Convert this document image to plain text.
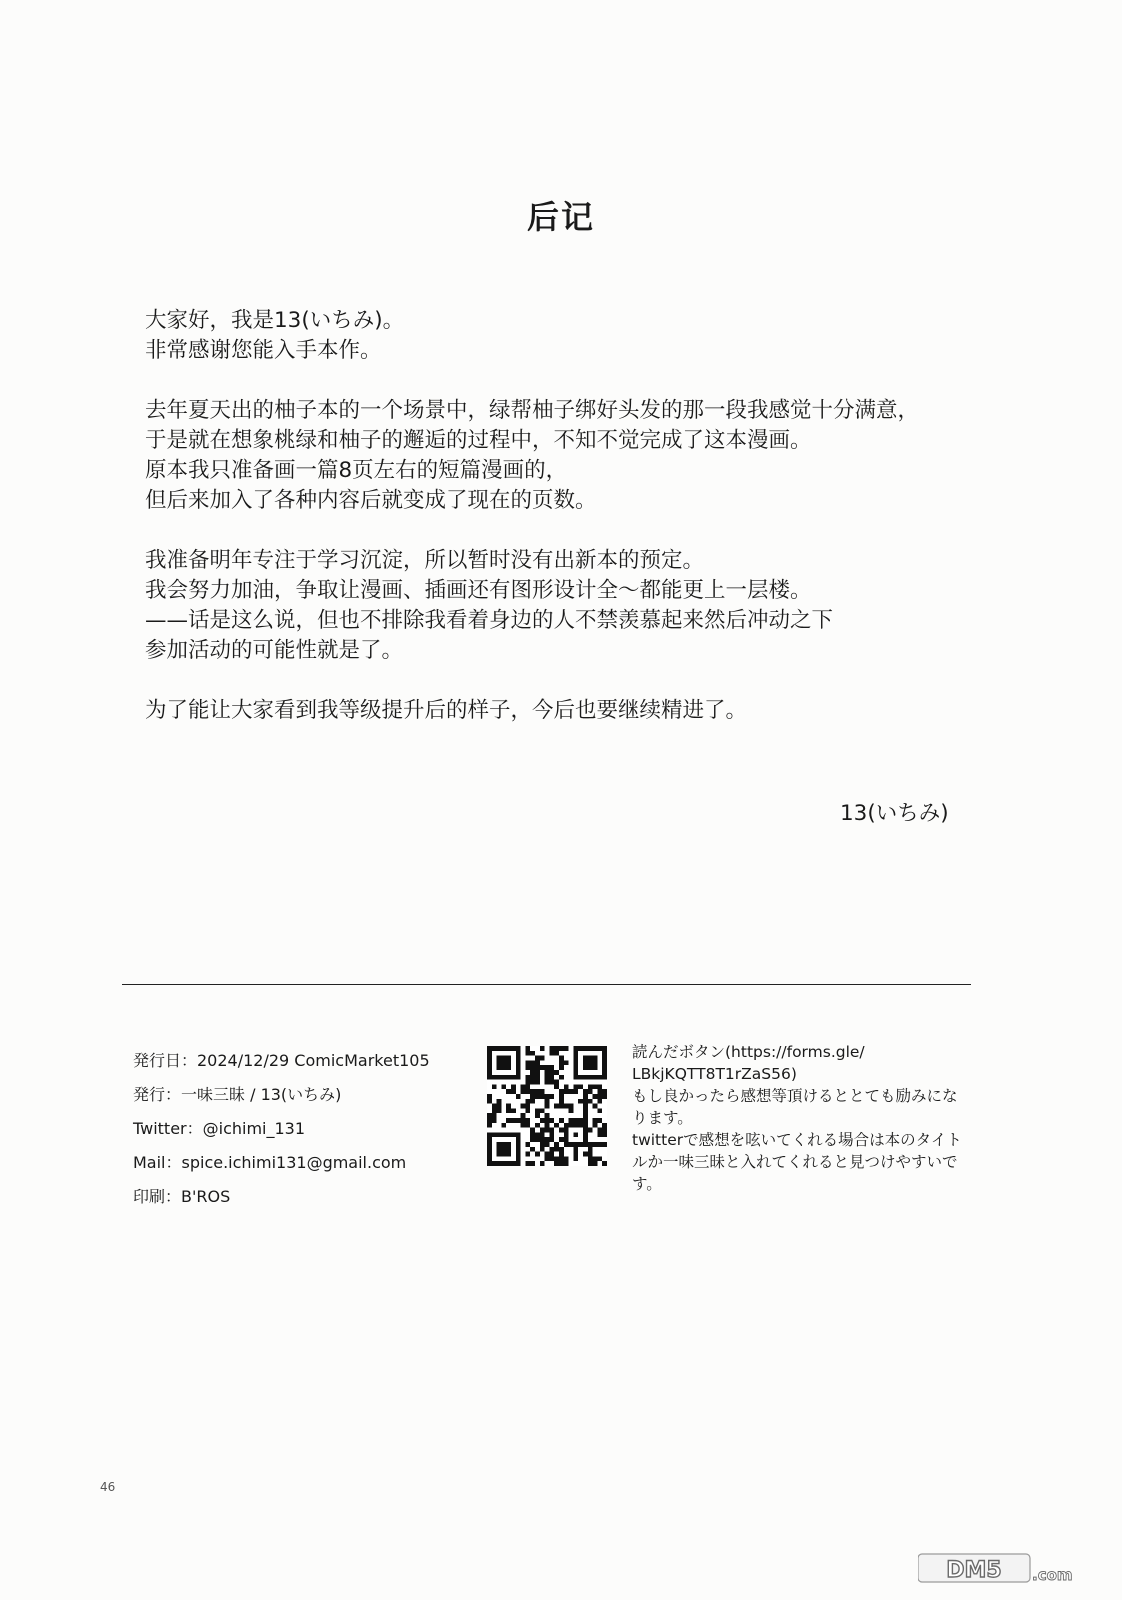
后记
大家好，我是13(いちみ)。
非常感谢您能入手本作。
去年夏天出的柚子本的一个场景中，绿帮柚子绑好头发的那一段我感觉十分满意，
于是就在想象桃绿和柚子的邂逅的过程中，不知不觉完成了这本漫画。
原本我只准备画一篇8页左右的短篇漫画的，
但后来加入了各种内容后就变成了现在的页数。
我准备明年专注于学习沉淀，所以暂时没有出新本的预定。
我会努力加油，争取让漫画、插画还有图形设计全〜都能更上一层楼。
——话是这么说，但也不排除我看着身边的人不禁羡慕起来然后冲动之下
参加活动的可能性就是了。
为了能让大家看到我等级提升后的样子，今后也要继续精进了。
13(いちみ)
発行日：2024/12/29 ComicMarket105
発行：一味三昧 / 13(いちみ)
Twitter：@ichimi_131
Mail：spice.ichimi131@gmail.com
印刷：B'ROS
読んだボタン(https://forms.gle/
LBkjKQTT8T1rZaS56)
もし良かったら感想等頂けるととても励みにな
ります。
twitterで感想を呟いてくれる場合は本のタイト
ルか一味三昧と入れてくれると見つけやすいで
す。
46
DM5 .com
